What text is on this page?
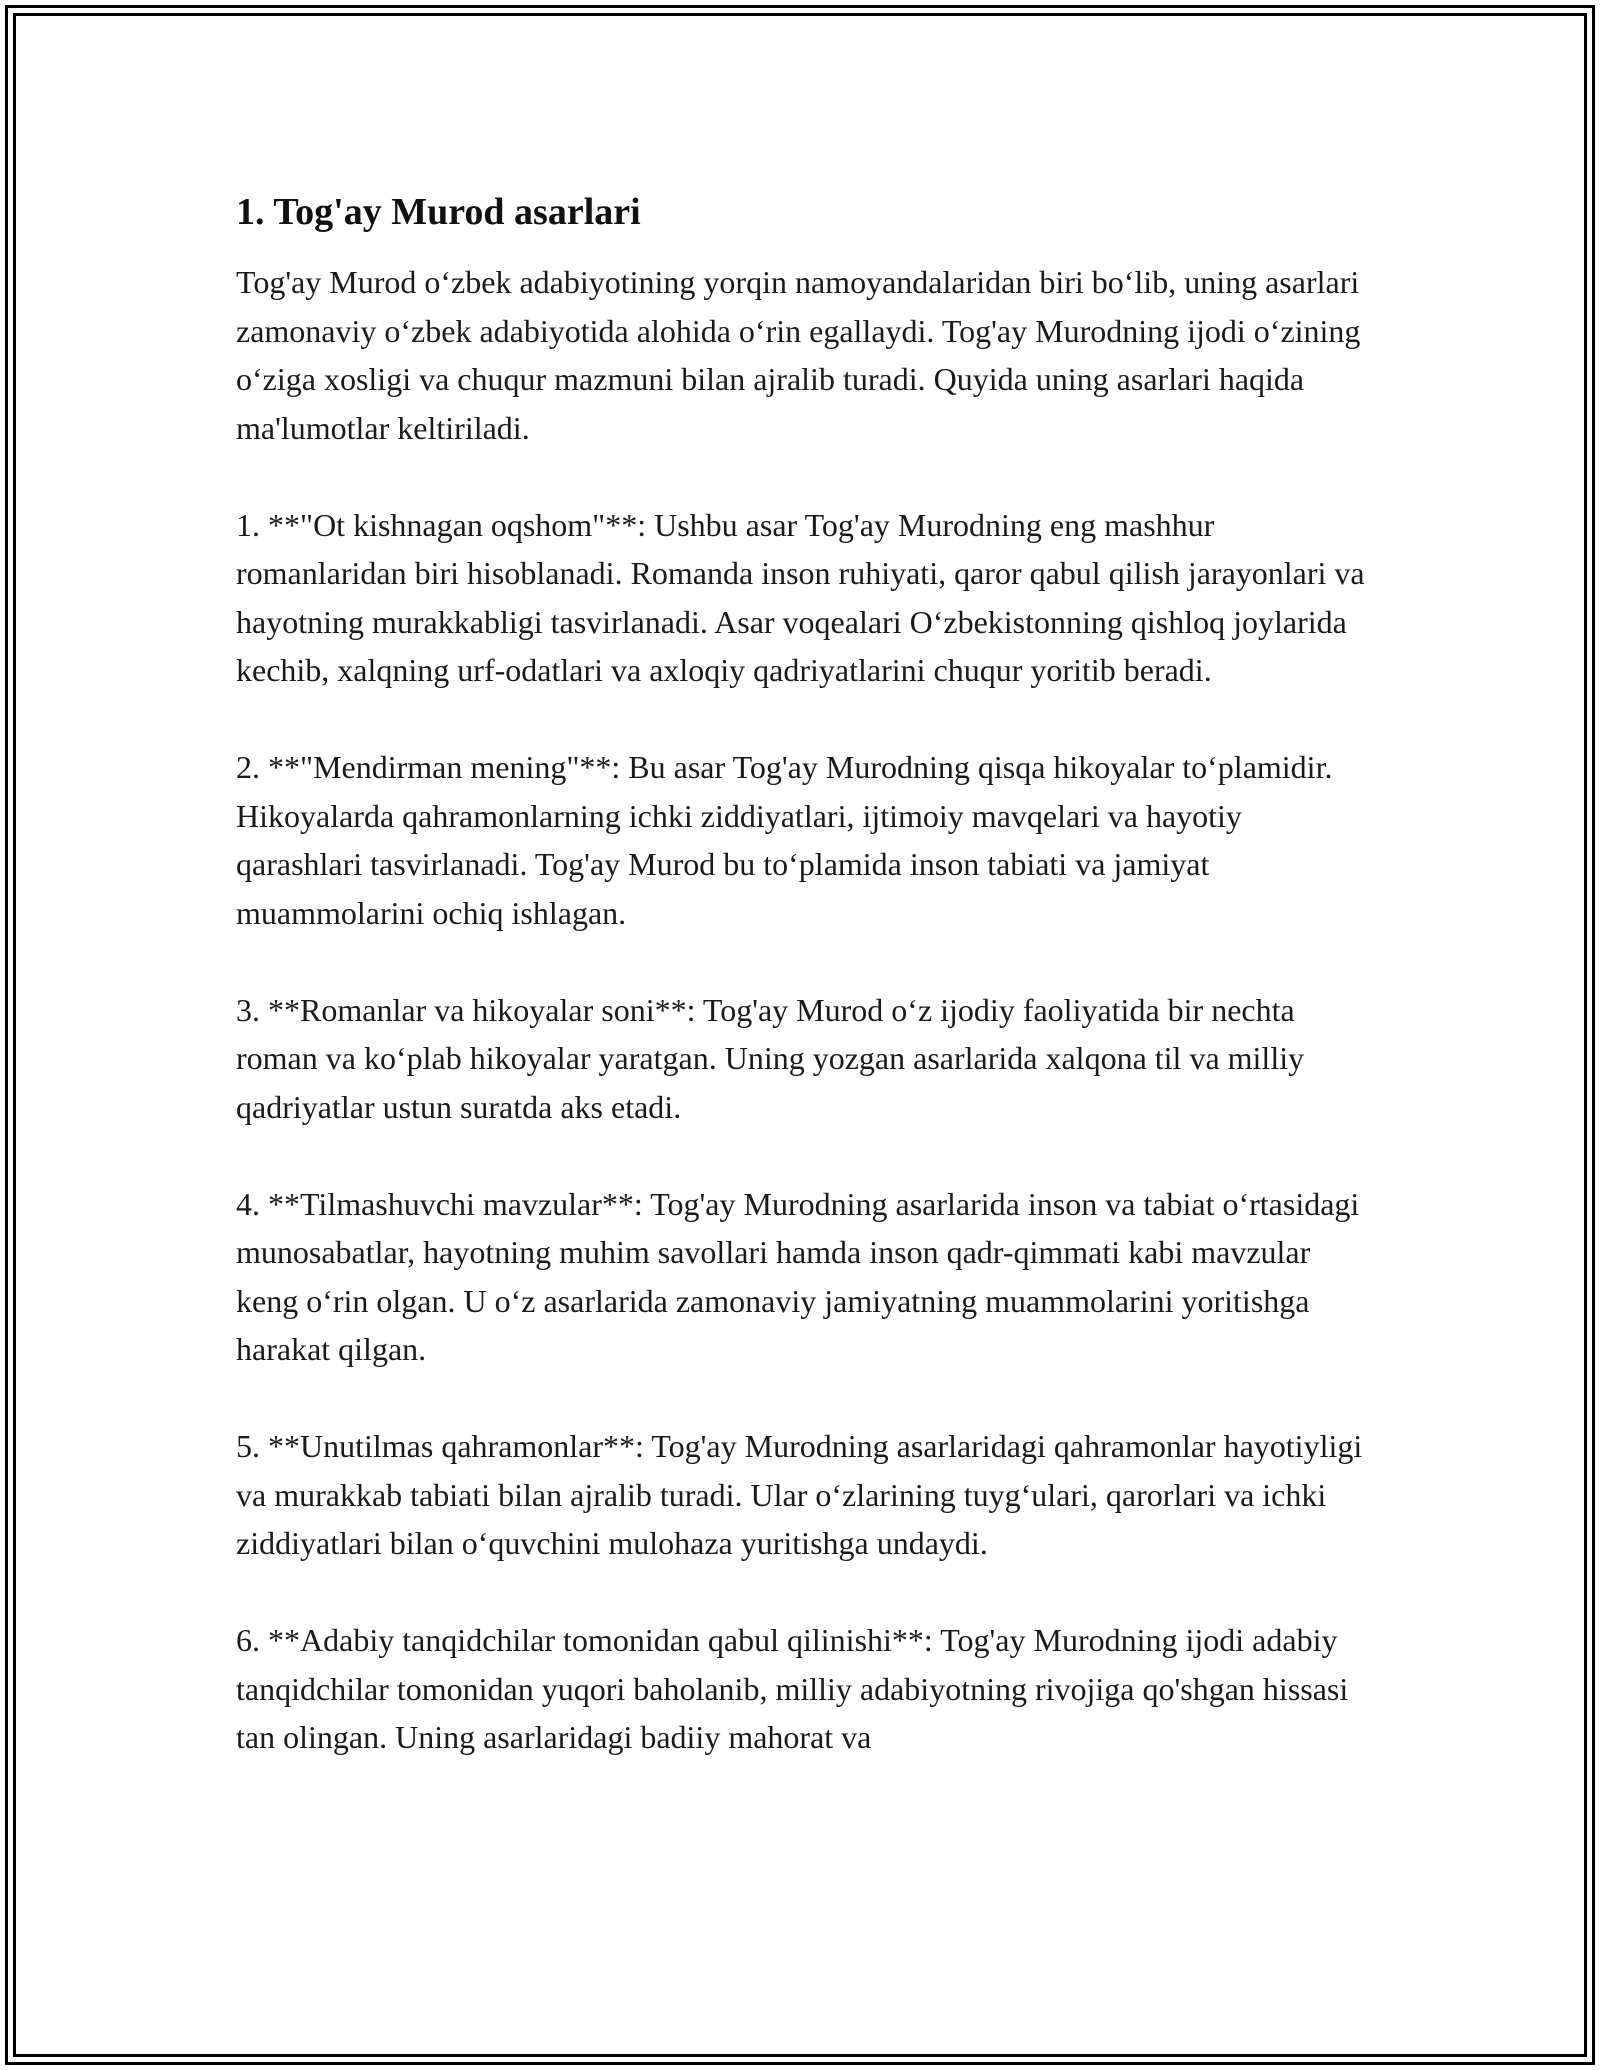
1. Tog'ay Murod asarlari

Tog'ay Murod o‘zbek adabiyotining yorqin namoyandalaridan biri bo‘lib, uning asarlari zamonaviy o‘zbek adabiyotida alohida o‘rin egallaydi. Tog'ay Murodning ijodi o‘zining o‘ziga xosligi va chuqur mazmuni bilan ajralib turadi. Quyida uning asarlari haqida ma'lumotlar keltiriladi.

1. **"Ot kishnagan oqshom"**: Ushbu asar Tog'ay Murodning eng mashhur romanlaridan biri hisoblanadi. Romanda inson ruhiyati, qaror qabul qilish jarayonlari va hayotning murakkabligi tasvirlanadi. Asar voqealari O‘zbekistonning qishloq joylarida kechib, xalqning urf-odatlari va axloqiy qadriyatlarini chuqur yoritib beradi.

2. **"Mendirman mening"**: Bu asar Tog'ay Murodning qisqa hikoyalar to‘plamidir. Hikoyalarda qahramonlarning ichki ziddiyatlari, ijtimoiy mavqelari va hayotiy qarashlari tasvirlanadi. Tog'ay Murod bu to‘plamida inson tabiati va jamiyat muammolarini ochiq ishlagan.

3. **Romanlar va hikoyalar soni**: Tog'ay Murod o‘z ijodiy faoliyatida bir nechta roman va ko‘plab hikoyalar yaratgan. Uning yozgan asarlarida xalqona til va milliy qadriyatlar ustun suratda aks etadi.

4. **Tilmashuvchi mavzular**: Tog'ay Murodning asarlarida inson va tabiat o‘rtasidagi munosabatlar, hayotning muhim savollari hamda inson qadr-qimmati kabi mavzular keng o‘rin olgan. U o‘z asarlarida zamonaviy jamiyatning muammolarini yoritishga harakat qilgan.

5. **Unutilmas qahramonlar**: Tog'ay Murodning asarlaridagi qahramonlar hayotiyligi va murakkab tabiati bilan ajralib turadi. Ular o‘zlarining tuyg‘ulari, qarorlari va ichki ziddiyatlari bilan o‘quvchini mulohaza yuritishga undaydi.

6. **Adabiy tanqidchilar tomonidan qabul qilinishi**: Tog'ay Murodning ijodi adabiy tanqidchilar tomonidan yuqori baholanib, milliy adabiyotning rivojiga qo'shgan hissasi tan olingan. Uning asarlaridagi badiiy mahorat va
